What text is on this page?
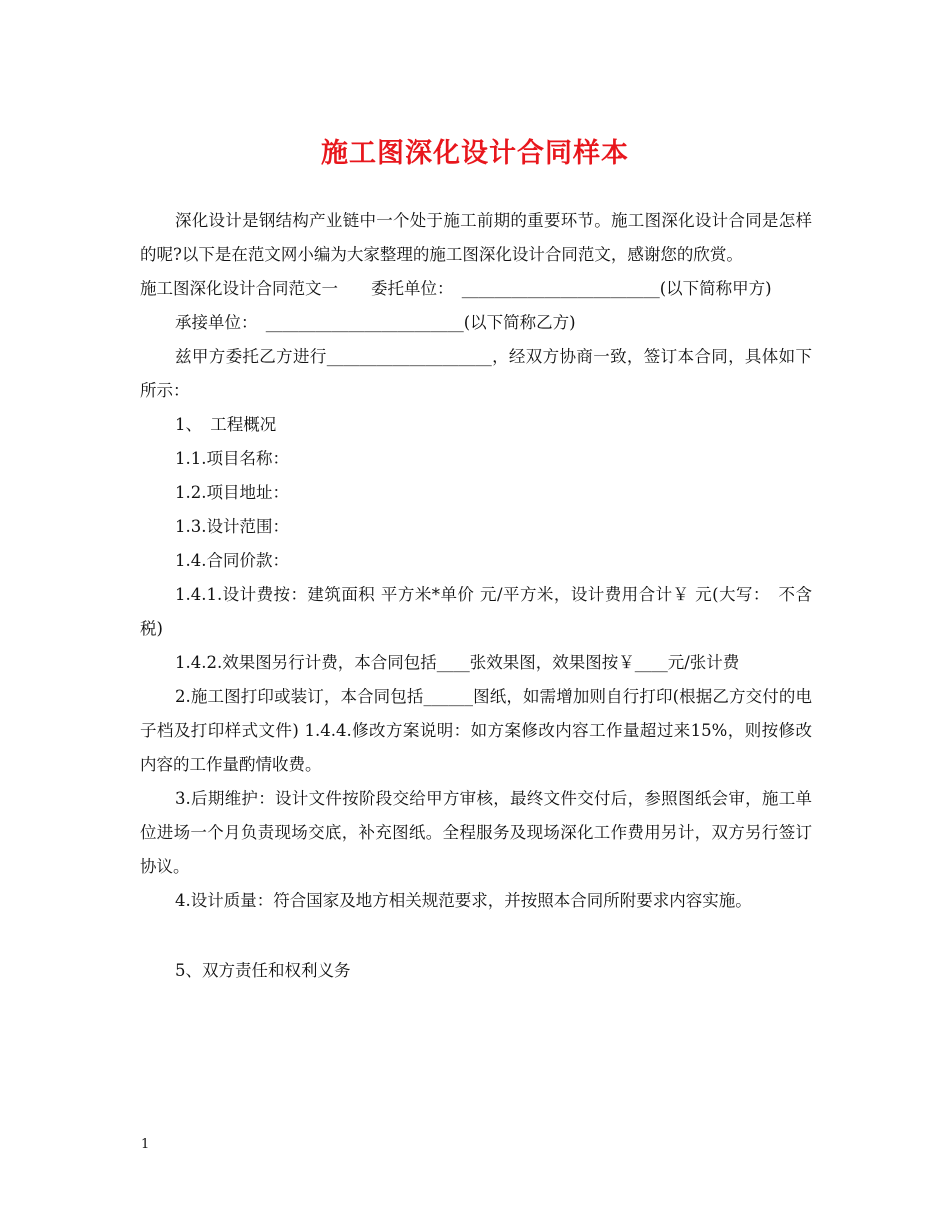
施工图深化设计合同样本

深化设计是钢结构产业链中一个处于施工前期的重要环节。施工图深化设计合同是怎样的呢?以下是在范文网小编为大家整理的施工图深化设计合同范文，感谢您的欣赏。

施工图深化设计合同范文一　　委托单位：　________________________(以下简称甲方)

承接单位：　________________________(以下简称乙方)

兹甲方委托乙方进行____________________，经双方协商一致，签订本合同，具体如下所示：

1、　工程概况

1.1.项目名称：

1.2.项目地址：

1.3.设计范围：

1.4.合同价款：

1.4.1.设计费按：建筑面积 平方米*单价 元/平方米，设计费用合计￥ 元(大写：　不含税)

1.4.2.效果图另行计费，本合同包括____张效果图，效果图按￥____元/张计费

2.施工图打印或装订，本合同包括______图纸，如需增加则自行打印(根据乙方交付的电子档及打印样式文件) 1.4.4.修改方案说明：如方案修改内容工作量超过来15%，则按修改内容的工作量酌情收费。

3.后期维护：设计文件按阶段交给甲方审核，最终文件交付后，参照图纸会审，施工单位进场一个月负责现场交底，补充图纸。全程服务及现场深化工作费用另计，双方另行签订协议。

4.设计质量：符合国家及地方相关规范要求，并按照本合同所附要求内容实施。

5、双方责任和权利义务

1
